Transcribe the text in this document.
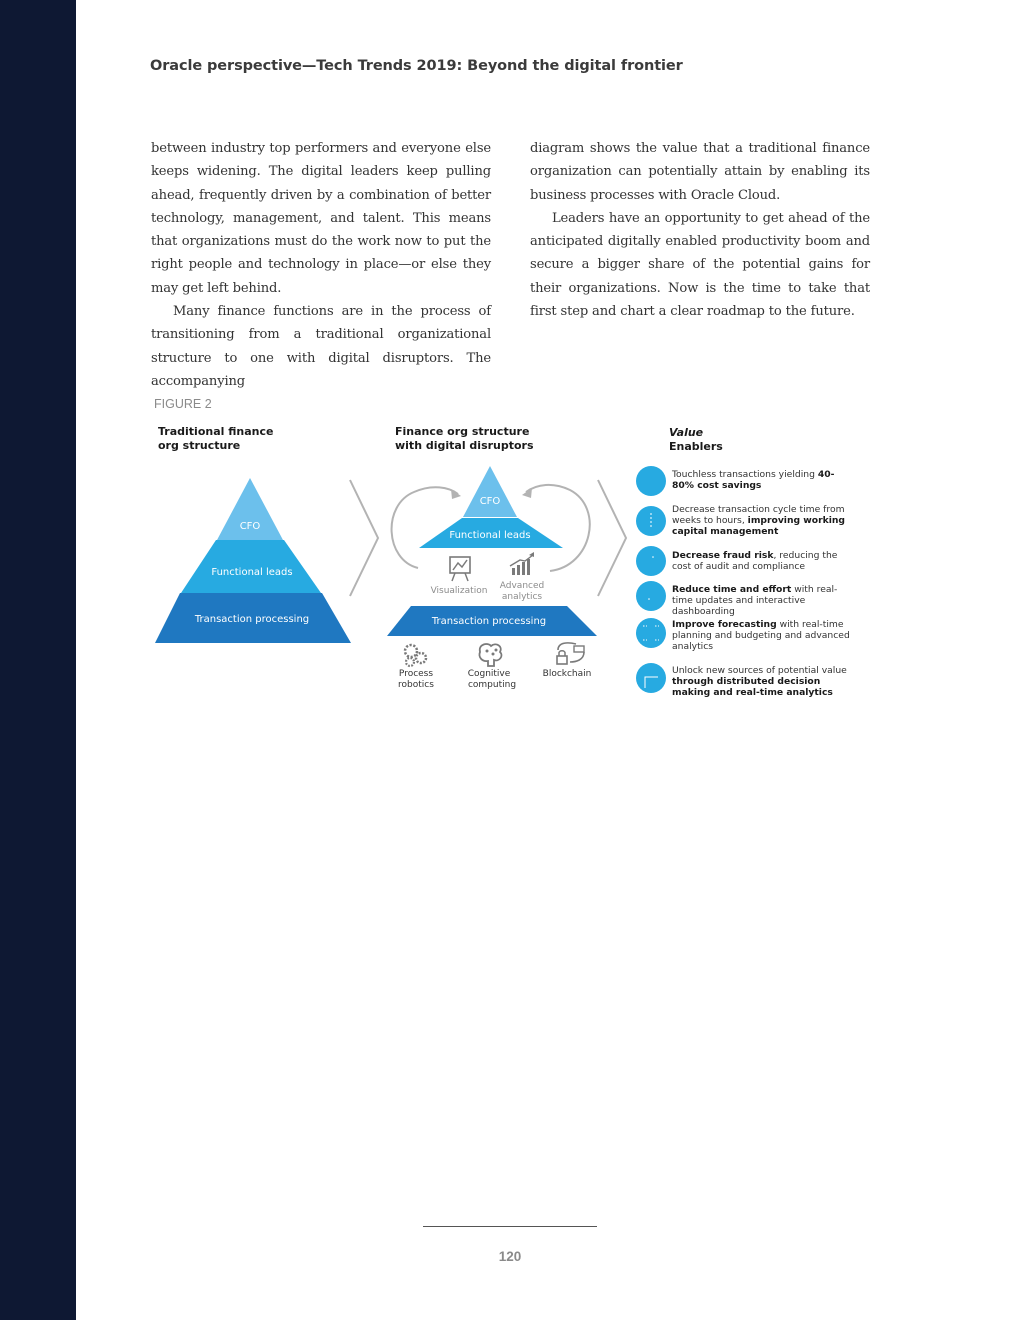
Oracle perspective—Tech Trends 2019: Beyond the digital frontier

between industry top performers and everyone else keeps widening. The digital leaders keep pulling ahead, frequently driven by a combination of better technology, management, and talent. This means that organizations must do the work now to put the right people and technology in place—or else they may get left behind.

Many finance functions are in the process of transitioning from a traditional organizational structure to one with digital disruptors. The accompanying

diagram shows the value that a traditional finance organization can potentially attain by enabling its business processes with Oracle Cloud.

Leaders have an opportunity to get ahead of the anticipated digitally enabled productivity boom and secure a bigger share of the potential gains for their organizations. Now is the time to take that first step and chart a clear roadmap to the future.

FIGURE 2
Traditional finance
org structure
Finance org structure
with digital disruptors
Value
Enablers
CFO
Functional leads
Transaction processing
CFO
Functional leads
Transaction processing
Visualization Advanced
analytics
Process
robotics
Cognitive
computing
Blockchain
Touchless transactions yielding 40-80% cost savings
Decrease transaction cycle time from weeks to hours, improving working capital management
Decrease fraud risk, reducing the cost of audit and compliance
Reduce time and effort with real-time updates and interactive dashboarding
Improve forecasting with real-time planning and budgeting and advanced analytics
Unlock new sources of potential value through distributed decision making and real-time analytics
120
